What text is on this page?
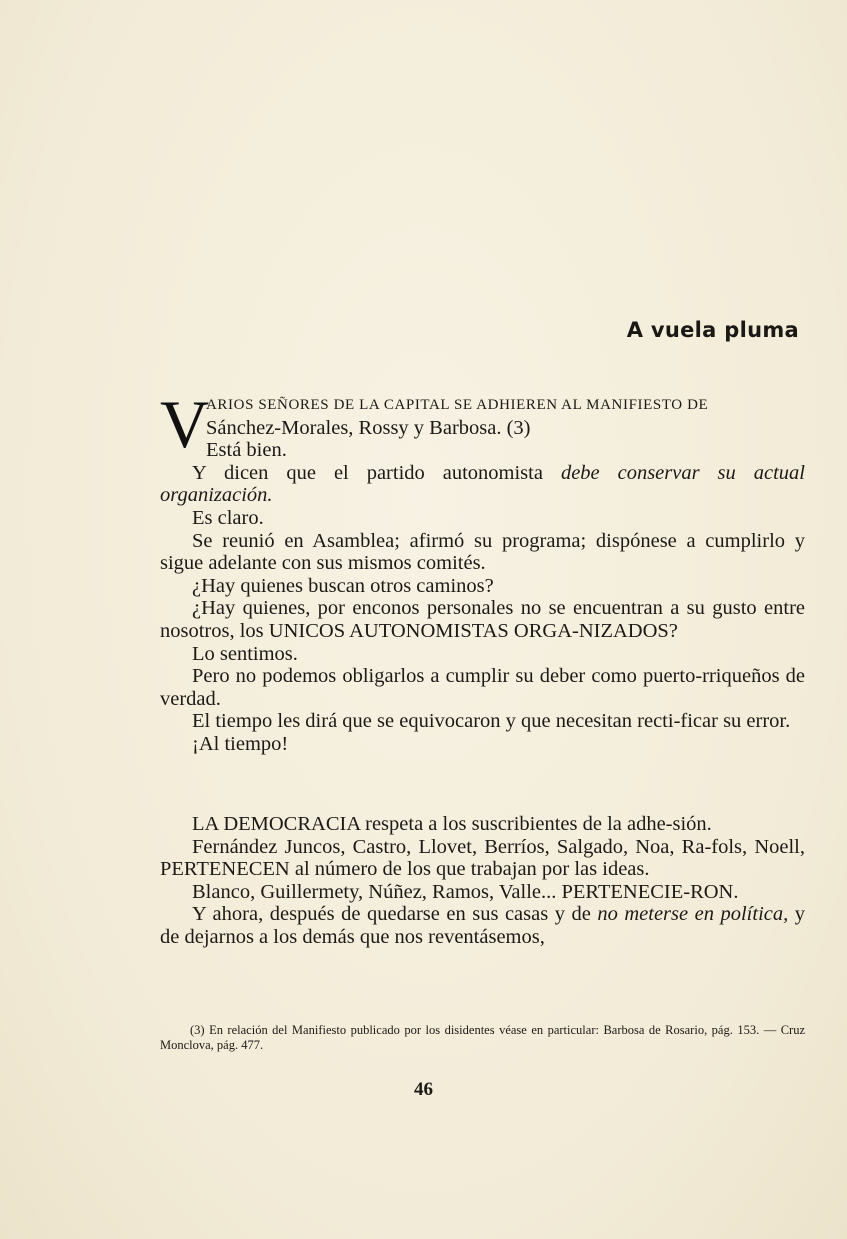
A vuela pluma
V

ARIOS SEÑORES DE LA CAPITAL SE ADHIEREN AL MANIFIESTO DE
Sánchez-Morales, Rossy y Barbosa. (3)

Está bien.

Y dicen que el partido autonomista debe conservar su actual organización.

Es claro.

Se reunió en Asamblea; afirmó su programa; dispónese a cumplirlo y sigue adelante con sus mismos comités.

¿Hay quienes buscan otros caminos?

¿Hay quienes, por enconos personales no se encuentran a su gusto entre nosotros, los UNICOS AUTONOMISTAS ORGA-NIZADOS?

Lo sentimos.

Pero no podemos obligarlos a cumplir su deber como puerto-rriqueños de verdad.

El tiempo les dirá que se equivocaron y que necesitan recti-ficar su error.

¡Al tiempo!

LA DEMOCRACIA respeta a los suscribientes de la adhe-sión.

Fernández Juncos, Castro, Llovet, Berríos, Salgado, Noa, Ra-fols, Noell, PERTENECEN al número de los que trabajan por las ideas.

Blanco, Guillermety, Núñez, Ramos, Valle... PERTENECIE-RON.

Y ahora, después de quedarse en sus casas y de no meterse en política, y de dejarnos a los demás que nos reventásemos,

(3) En relación del Manifiesto publicado por los disidentes véase en particular: Barbosa de Rosario, pág. 153. — Cruz Monclova, pág. 477.
46
